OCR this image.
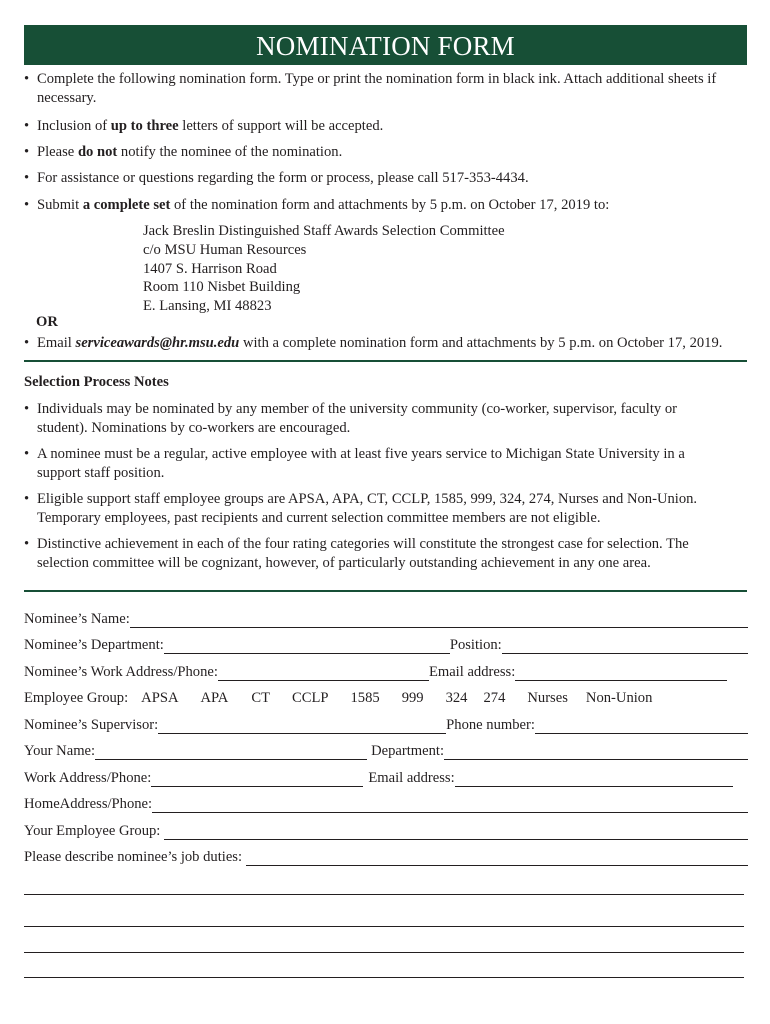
NOMINATION FORM
• Complete the following nomination form. Type or print the nomination form in black ink. Attach additional sheets if
necessary.
• Inclusion of up to three letters of support will be accepted.
• Please do not notify the nominee of the nomination.
• For assistance or questions regarding the form or process, please call 517-353-4434.
• Submit a complete set of the nomination form and attachments by 5 p.m. on October 17, 2019 to:
• Email serviceawards@hr.msu.edu with a complete nomination form and attachments by 5 p.m. on October 17, 2019.
Jack Breslin Distinguished Staff Awards Selection Committee
c/o MSU Human Resources
1407 S. Harrison Road
Room 110 Nisbet Building
E. Lansing, MI 48823
OR
Selection Process Notes
• Individuals may be nominated by any member of the university community (co-worker, supervisor, faculty or
student). Nominations by co-workers are encouraged.
• A nominee must be a regular, active employee with at least five years service to Michigan State University in a
support staff position.
• Eligible support staff employee groups are APSA, APA, CT, CCLP, 1585, 999, 324, 274, Nurses and Non-Union.
Temporary employees, past recipients and current selection committee members are not eligible.
• Distinctive achievement in each of the four rating categories will constitute the strongest case for selection. The
selection committee will be cognizant, however, of particularly outstanding achievement in any one area.
Nominee’s Name:
Nominee’s Department:	Position:
Nominee’s Work Address/Phone:	Email address:
Employee Group: APSA APA CT CCLP 1585 999 324 274 Nurses Non-Union
Nominee’s Supervisor:	Phone number:
Your Name:	Department:
Work Address/Phone:	Email address:
HomeAddress/Phone:
Your Employee Group:
Please describe nominee’s job duties:
